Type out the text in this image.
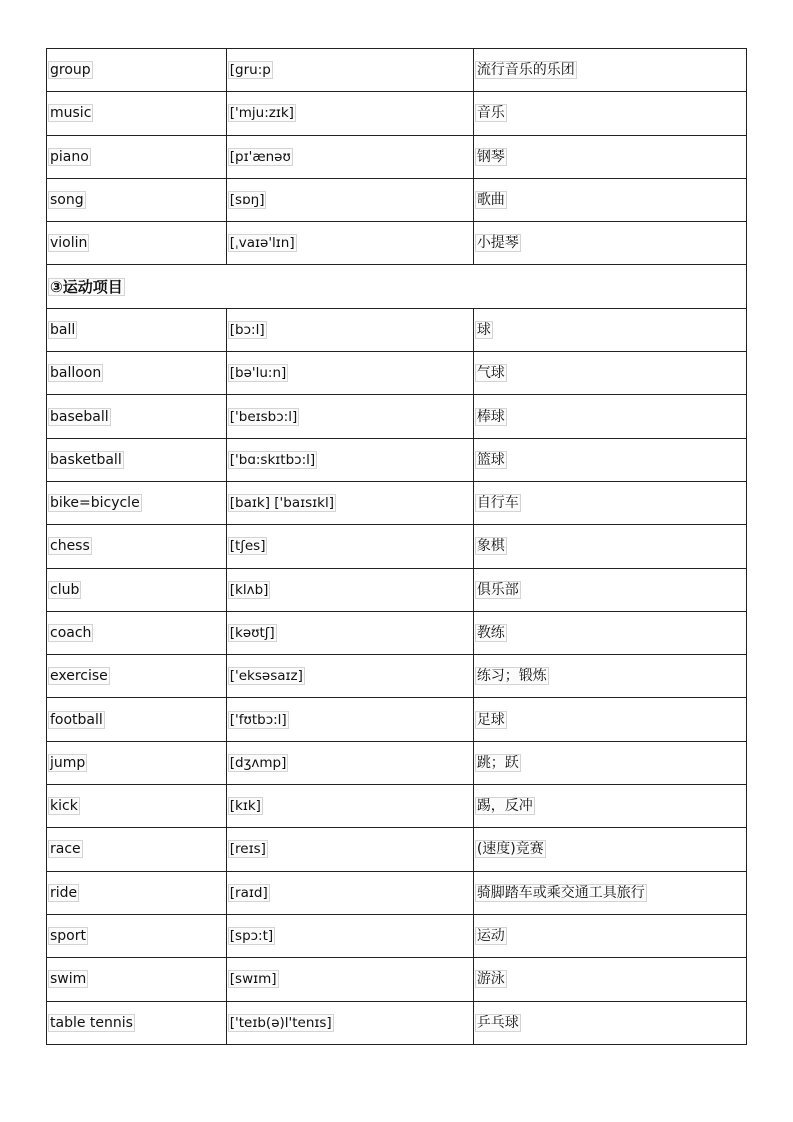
group	[gru:p	流行音乐的乐团
music	['mju:zɪk]	音乐
piano	[pɪ'ænəʊ	钢琴
song	[sɒŋ]	歌曲
violin	[ˌvaɪə'lɪn]	小提琴
③运动项目		
ball	[bɔ:l]	球
balloon	[bə'lu:n]	气球
baseball	['beɪsbɔ:l]	棒球
basketball	['bɑ:skɪtbɔ:l]	篮球
bike=bicycle	[baɪk] ['baɪsɪkl]	自行车
chess	[tʃes]	象棋
club	[klʌb]	俱乐部
coach	[kəʊtʃ]	教练
exercise	['eksəsaɪz]	练习；锻炼
football	['fʊtbɔ:l]	足球
jump	[dʒʌmp]	跳；跃
kick	[kɪk]	踢，反冲
race	[reɪs]	(速度)竞赛
ride	[raɪd]	骑脚踏车或乘交通工具旅行
sport	[spɔ:t]	运动
swim	[swɪm]	游泳
table tennis	['teɪb(ə)l'tenɪs]	乒乓球
